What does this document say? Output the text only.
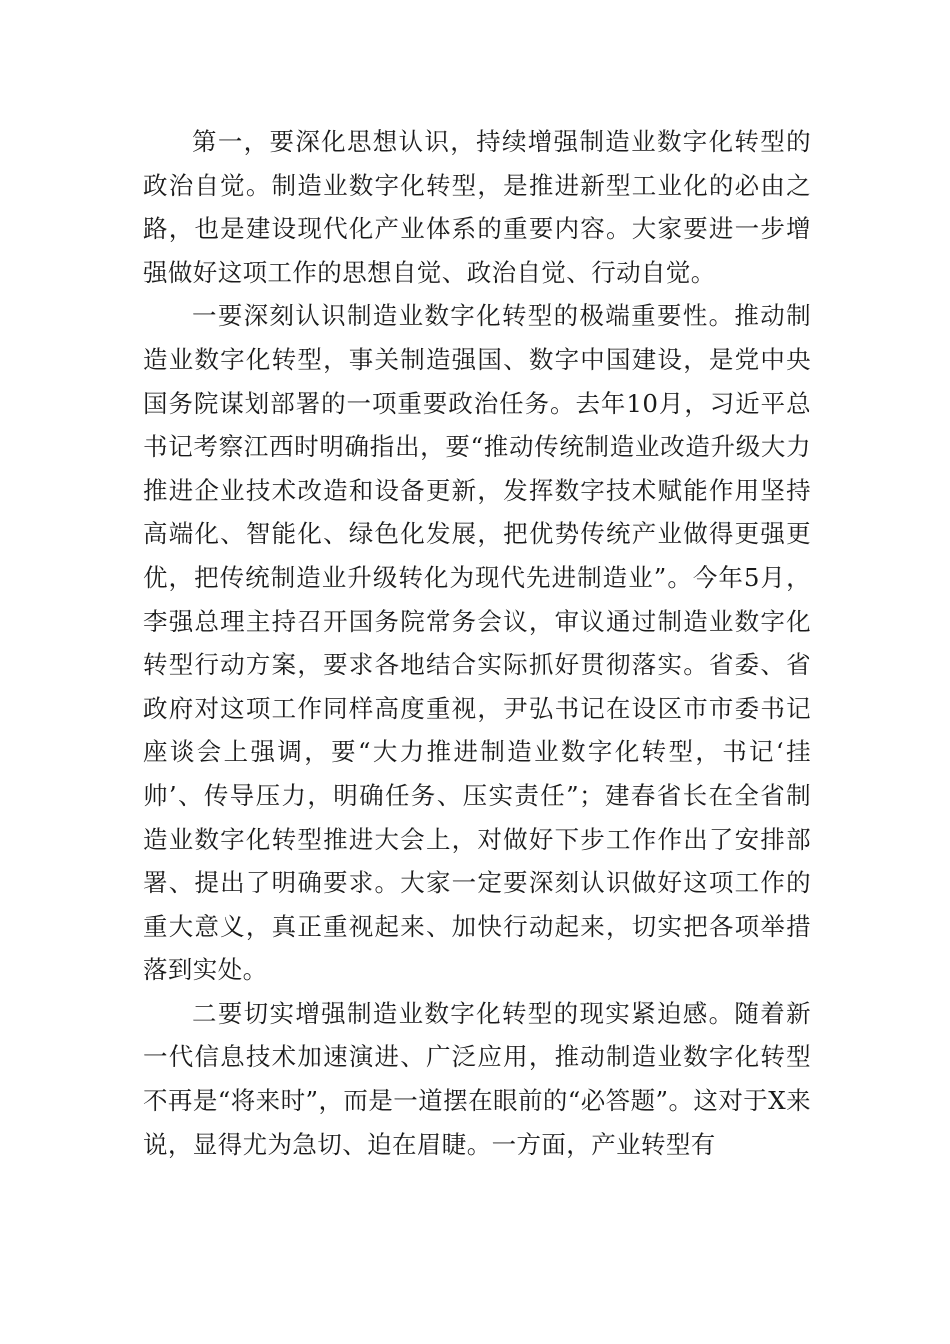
第一，要深化思想认识，持续增强制造业数字化转型的政治自觉。制造业数字化转型，是推进新型工业化的必由之路，也是建设现代化产业体系的重要内容。大家要进一步增强做好这项工作的思想自觉、政治自觉、行动自觉。

一要深刻认识制造业数字化转型的极端重要性。推动制造业数字化转型，事关制造强国、数字中国建设，是党中央国务院谋划部署的一项重要政治任务。去年10月，习近平总书记考察江西时明确指出，要“推动传统制造业改造升级大力推进企业技术改造和设备更新，发挥数字技术赋能作用坚持高端化、智能化、绿色化发展，把优势传统产业做得更强更优，把传统制造业升级转化为现代先进制造业”。今年5月，李强总理主持召开国务院常务会议，审议通过制造业数字化转型行动方案，要求各地结合实际抓好贯彻落实。省委、省政府对这项工作同样高度重视，尹弘书记在设区市市委书记座谈会上强调，要“大力推进制造业数字化转型，书记‘挂帅’、传导压力，明确任务、压实责任”；建春省长在全省制造业数字化转型推进大会上，对做好下步工作作出了安排部署、提出了明确要求。大家一定要深刻认识做好这项工作的重大意义，真正重视起来、加快行动起来，切实把各项举措落到实处。

二要切实增强制造业数字化转型的现实紧迫感。随着新一代信息技术加速演进、广泛应用，推动制造业数字化转型不再是“将来时”，而是一道摆在眼前的“必答题”。这对于X来说，显得尤为急切、迫在眉睫。一方面，产业转型有
